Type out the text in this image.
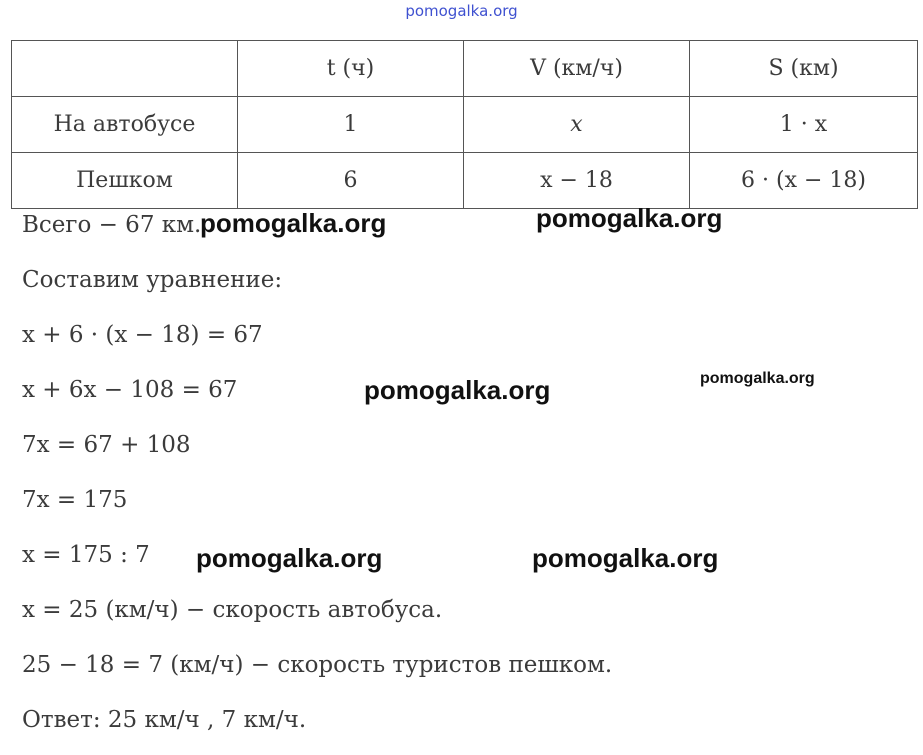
pomogalka.org
	t (ч)	V (км/ч)	S (км)
На автобусе	1	x	1 · x
Пешком	6	x − 18	6 · (x − 18)
Всего − 67 км.
Составим уравнение:
x + 6 · (x − 18) = 67
x + 6x − 108 = 67
7x = 67 + 108
7x = 175
x = 175 : 7
x = 25 (км/ч) − скорость автобуса.
25 − 18 = 7 (км/ч) − скорость туристов пешком.
Ответ: 25 км/ч , 7 км/ч.
pomogalka.org	pomogalka.org
pomogalka.org	pomogalka.org
pomogalka.org	pomogalka.org
